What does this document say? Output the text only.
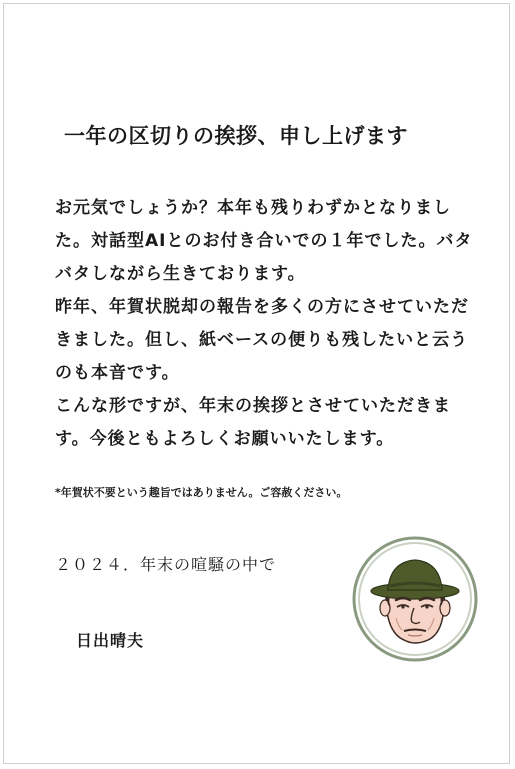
一年の区切りの挨拶、申し上げます

お元気でしょうか？本年も残りわずかとなりました。対話型AIとのお付き合いでの１年でした。バタバタしながら生きております。

昨年、年賀状脱却の報告を多くの方にさせていただきました。但し、紙ベースの便りも残したいと云うのも本音です。

こんな形ですが、年末の挨拶とさせていただきます。今後ともよろしくお願いいたします。

*年賀状不要という趣旨ではありません。ご容赦ください。
２０２４．年末の喧騒の中で
日出晴夫
